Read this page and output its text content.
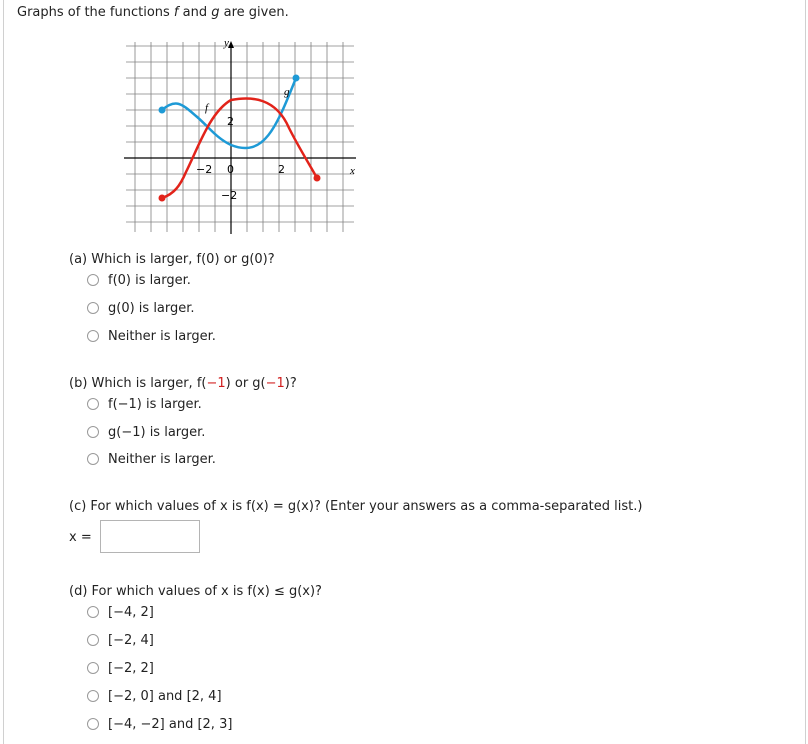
Graphs of the functions f and g are given.
y
x
f
g
−2 0	2
2
−2
(a) Which is larger, f(0) or g(0)?
f(0) is larger.
g(0) is larger.
Neither is larger.
(b) Which is larger, f(−1) or g(−1)?
f(−1) is larger.
g(−1) is larger.
Neither is larger.
(c) For which values of x is f(x) = g(x)? (Enter your answers as a comma-separated list.)
x =
(d) For which values of x is f(x) ≤ g(x)?
[−4, 2]
[−2, 4]
[−2, 2]
[−2, 0] and [2, 4]
[−4, −2] and [2, 3]
